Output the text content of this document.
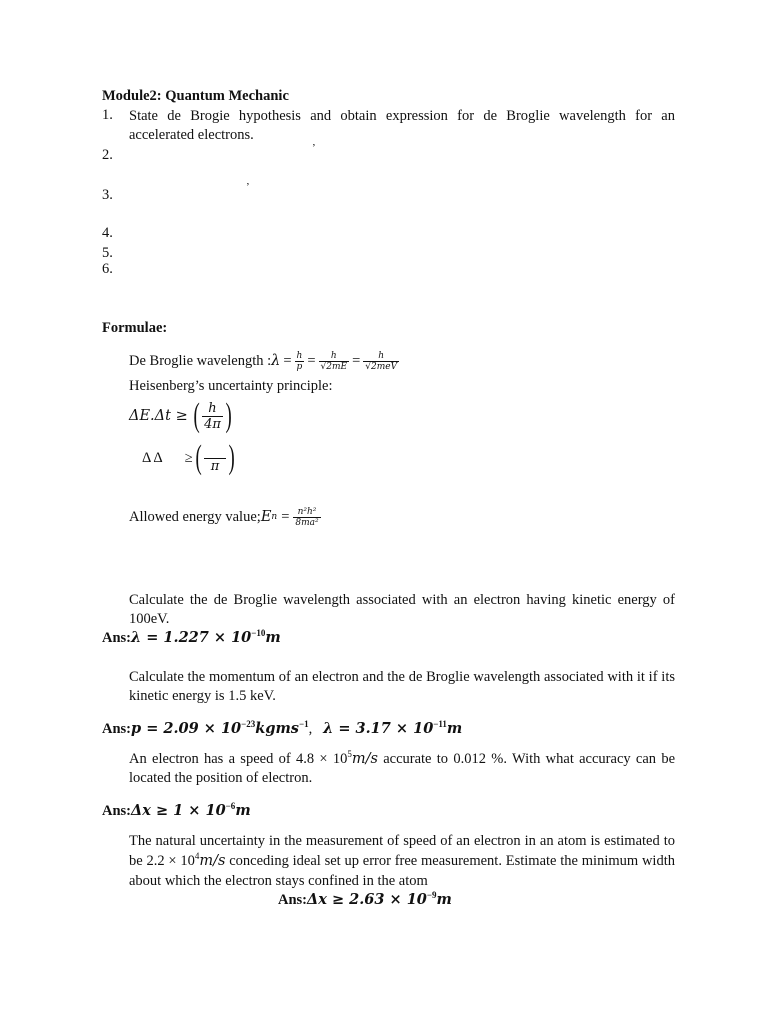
Module2: Quantum Mechanic
1. State de Brogie hypothesis and obtain expression for de Broglie wavelength for an accelerated electrons.
2.	’
3.	’
4.
5.
6.
Formulae:
De Broglie wavelength : $\lambda = \frac{h}{p} = \frac{h}{√2mE} = \frac{h}{\text{√2meV}}$
Heisenberg’s uncertainty principle:
ΔE.Δt ≥ ( $\frac{h}{4\pi}$ )
Δ Δ ≥ ( π )
Allowed energy value; E $n = \frac{\text{n²h²}}{\text{8ma²}}$
Calculate the de Broglie wavelength associated with an electron having kinetic energy of 100eV.
Ans:λ = $1.227 \times 10^{-10}m$
Calculate the momentum of an electron and the de Broglie wavelength associated with it if its kinetic energy is 1.5 keV.
Ans:p = $2.09 \times 10^{-23}kgms^{-1}$,   $\lambda = 3.17 \times 10^{-11}m$
An electron has a speed of $4.8 \times 10^5m/s$ accurate to 0.012 %. With what accuracy can be located the position of electron.
Ans:Δx ≥ $1 \times 10^{-6}m$
The natural uncertainty in the measurement of speed of an electron in an atom is estimated to be $2.2 \times 10^4m/s$ conceding ideal set up error free measurement. Estimate the minimum width about which the electron stays confined in the atom
Ans:Δx ≥ $2.63 \times 10^{-9}m$
